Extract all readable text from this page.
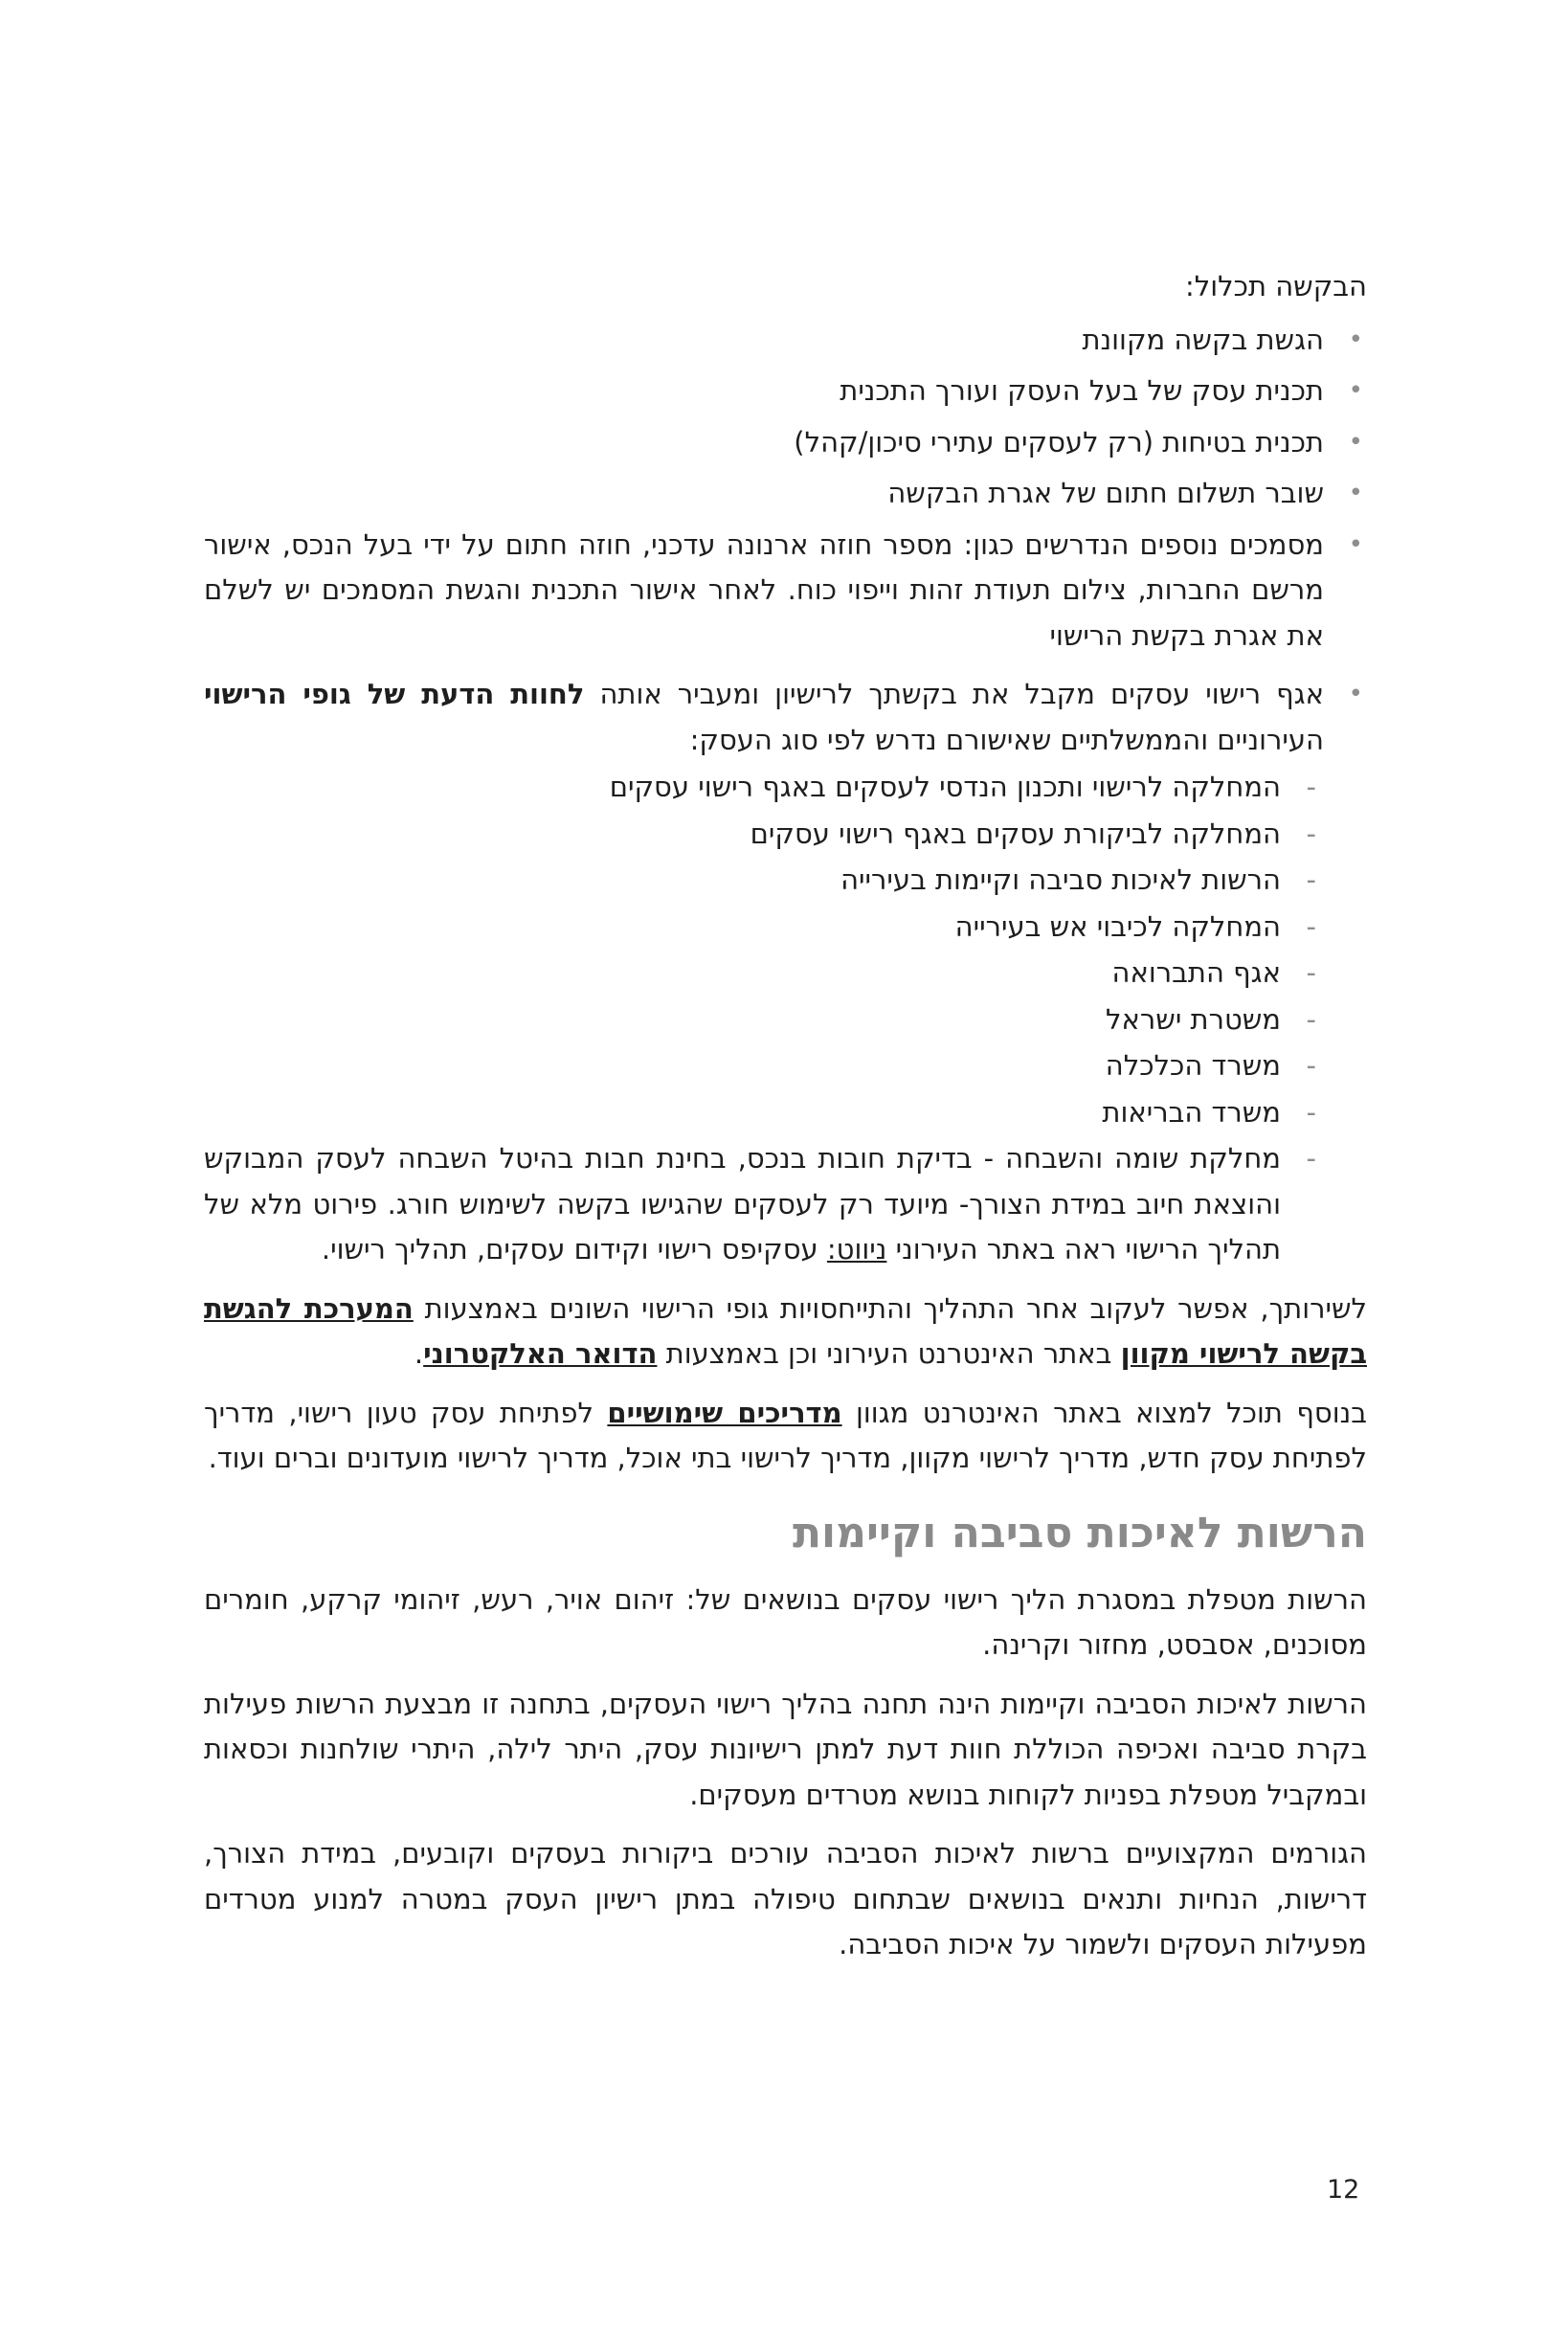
הבקשה תכלול:

•
הגשת בקשה מקוונת
•
תכנית עסק של בעל העסק ועורך התכנית
•
תכנית בטיחות (רק לעסקים עתירי סיכון/קהל)
•
שובר תשלום חתום של אגרת הבקשה
•
מסמכים נוספים הנדרשים כגון: מספר חוזה ארנונה עדכני, חוזה חתום על ידי בעל הנכס, אישור מרשם החברות, צילום תעודת זהות וייפוי כוח. לאחר אישור התכנית והגשת המסמכים יש לשלם את אגרת בקשת הרישוי
•
אגף רישוי עסקים מקבל את בקשתך לרישיון ומעביר אותה לחוות הדעת של גופי הרישוי העירוניים והממשלתיים שאישורם נדרש לפי סוג העסק:
-
המחלקה לרישוי ותכנון הנדסי לעסקים באגף רישוי עסקים
-
המחלקה לביקורת עסקים באגף רישוי עסקים
-
הרשות לאיכות סביבה וקיימות בעירייה
-
המחלקה לכיבוי אש בעירייה
-
אגף התברואה
-
משטרת ישראל
-
משרד הכלכלה
-
משרד הבריאות
-
מחלקת שומה והשבחה - בדיקת חובות בנכס, בחינת חבות בהיטל השבחה לעסק המבוקש והוצאת חיוב במידת הצורך- מיועד רק לעסקים שהגישו בקשה לשימוש חורג. פירוט מלא של תהליך הרישוי ראה באתר העירוני ניווט: עסקיפס רישוי וקידום עסקים, תהליך רישוי.

לשירותך, אפשר לעקוב אחר התהליך והתייחסויות גופי הרישוי השונים באמצעות המערכת להגשת בקשה לרישוי מקוון באתר האינטרנט העירוני וכן באמצעות הדואר האלקטרוני.

בנוסף תוכל למצוא באתר האינטרנט מגוון מדריכים שימושיים לפתיחת עסק טעון רישוי, מדריך לפתיחת עסק חדש, מדריך לרישוי מקוון, מדריך לרישוי בתי אוכל, מדריך לרישוי מועדונים וברים ועוד.

הרשות לאיכות סביבה וקיימות

הרשות מטפלת במסגרת הליך רישוי עסקים בנושאים של: זיהום אויר, רעש, זיהומי קרקע, חומרים מסוכנים, אסבסט, מחזור וקרינה.

הרשות לאיכות הסביבה וקיימות הינה תחנה בהליך רישוי העסקים, בתחנה זו מבצעת הרשות פעילות בקרת סביבה ואכיפה הכוללת חוות דעת למתן רישיונות עסק, היתר לילה, היתרי שולחנות וכסאות ובמקביל מטפלת בפניות לקוחות בנושא מטרדים מעסקים.

הגורמים המקצועיים ברשות לאיכות הסביבה עורכים ביקורות בעסקים וקובעים, במידת הצורך, דרישות, הנחיות ותנאים בנושאים שבתחום טיפולה במתן רישיון העסק במטרה למנוע מטרדים מפעילות העסקים ולשמור על איכות הסביבה.

12
